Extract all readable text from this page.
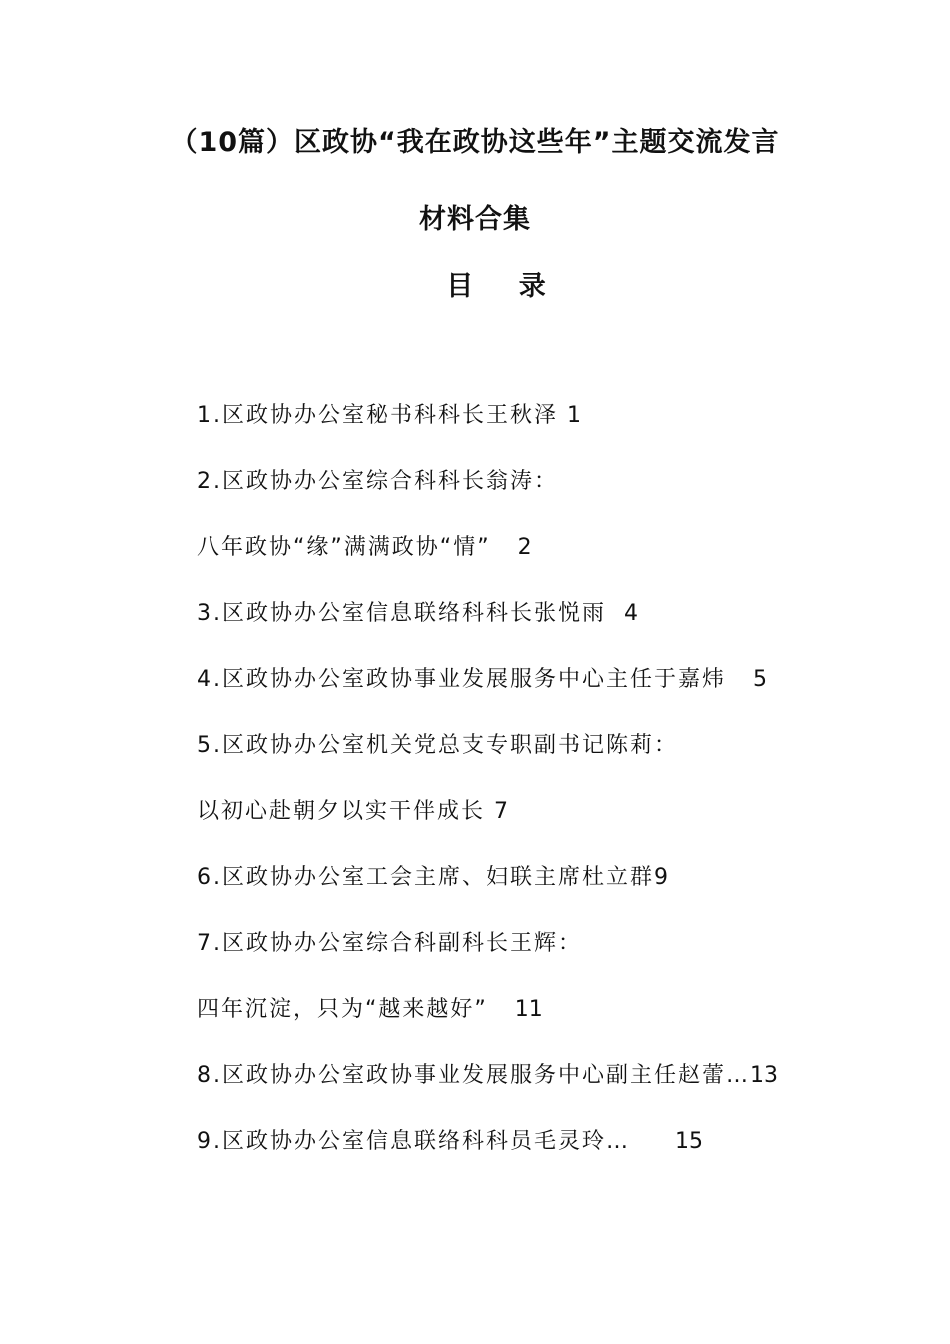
（10篇）区政协“我在政协这些年”主题交流发言
材料合集
目 录
1.区政协办公室秘书科科长王秋泽 1
2.区政协办公室综合科科长翁涛：
八年政协“缘”满满政协“情” 2
3.区政协办公室信息联络科科长张悦雨 4
4.区政协办公室政协事业发展服务中心主任于嘉炜 5
5.区政协办公室机关党总支专职副书记陈莉：
以初心赴朝夕以实干伴成长 7
6.区政协办公室工会主席、妇联主席杜立群9
7.区政协办公室综合科副科长王辉：
四年沉淀，只为“越来越好” 11
8.区政协办公室政协事业发展服务中心副主任赵蕾…13
9.区政协办公室信息联络科科员毛灵玲… 15
